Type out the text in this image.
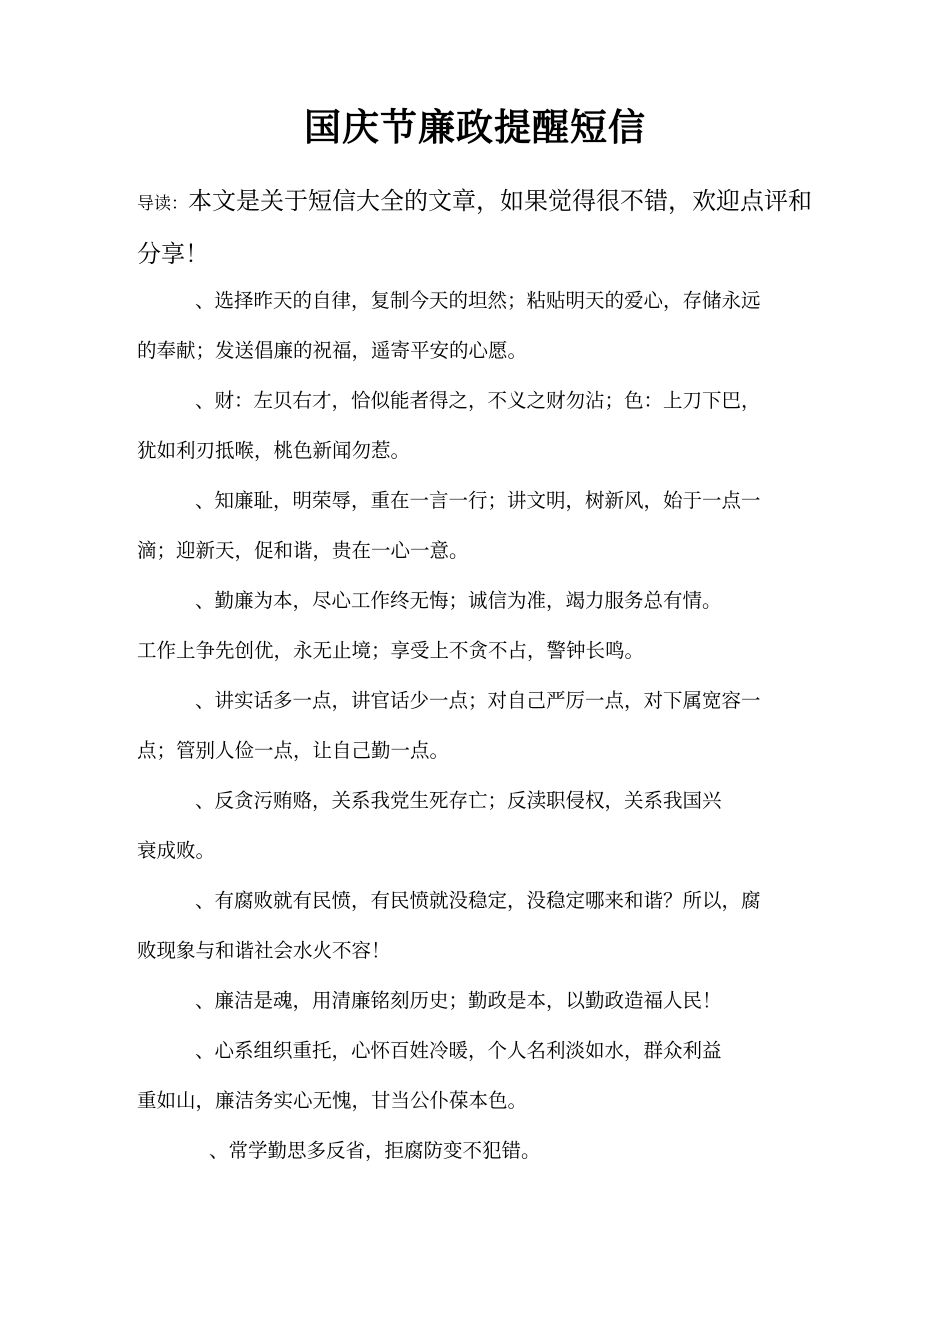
国庆节廉政提醒短信

导读：本文是关于短信大全的文章，如果觉得很不错，欢迎点评和分享！

、选择昨天的自律，复制今天的坦然；粘贴明天的爱心，存储永远
的奉献；发送倡廉的祝福，遥寄平安的心愿。

、财：左贝右才，恰似能者得之，不义之财勿沾；色：上刀下巴，
犹如利刃抵喉，桃色新闻勿惹。

、知廉耻，明荣辱，重在一言一行；讲文明，树新风，始于一点一
滴；迎新天，促和谐，贵在一心一意。

、勤廉为本，尽心工作终无悔；诚信为准，竭力服务总有情。
工作上争先创优，永无止境；享受上不贪不占，警钟长鸣。

、讲实话多一点，讲官话少一点；对自己严厉一点，对下属宽容一
点；管别人俭一点，让自己勤一点。

、反贪污贿赂，关系我党生死存亡；反渎职侵权，关系我国兴
衰成败。

、有腐败就有民愤，有民愤就没稳定，没稳定哪来和谐？所以，腐
败现象与和谐社会水火不容！

、廉洁是魂，用清廉铭刻历史；勤政是本，以勤政造福人民！

、心系组织重托，心怀百姓冷暖，个人名利淡如水，群众利益
重如山，廉洁务实心无愧，甘当公仆葆本色。

、常学勤思多反省，拒腐防变不犯错。
